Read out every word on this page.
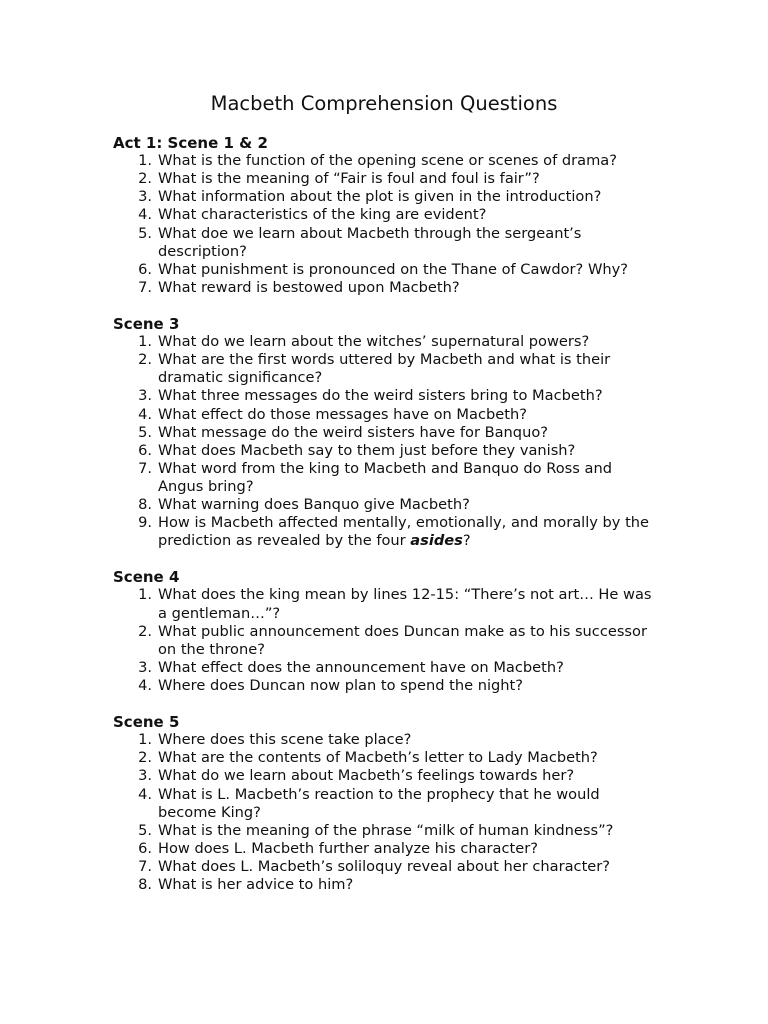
Macbeth Comprehension Questions
Act 1: Scene 1 & 2
1. What is the function of the opening scene or scenes of drama?
2. What is the meaning of “Fair is foul and foul is fair”?
3. What information about the plot is given in the introduction?
4. What characteristics of the king are evident?
5. What doe we learn about Macbeth through the sergeant’s description?
6. What punishment is pronounced on the Thane of Cawdor? Why?
7. What reward is bestowed upon Macbeth?
Scene 3
1. What do we learn about the witches’ supernatural powers?
2. What are the first words uttered by Macbeth and what is their dramatic significance?
3. What three messages do the weird sisters bring to Macbeth?
4. What effect do those messages have on Macbeth?
5. What message do the weird sisters have for Banquo?
6. What does Macbeth say to them just before they vanish?
7. What word from the king to Macbeth and Banquo do Ross and Angus bring?
8. What warning does Banquo give Macbeth?
9. How is Macbeth affected mentally, emotionally, and morally by the prediction as revealed by the four asides?
Scene 4
1. What does the king mean by lines 12-15: “There’s not art… He was a gentleman…”?
2. What public announcement does Duncan make as to his successor on the throne?
3. What effect does the announcement have on Macbeth?
4. Where does Duncan now plan to spend the night?
Scene 5
1. Where does this scene take place?
2. What are the contents of Macbeth’s letter to Lady Macbeth?
3. What do we learn about Macbeth’s feelings towards her?
4. What is L. Macbeth’s reaction to the prophecy that he would become King?
5. What is the meaning of the phrase “milk of human kindness”?
6. How does L. Macbeth further analyze his character?
7. What does L. Macbeth’s soliloquy reveal about her character?
8. What is her advice to him?
